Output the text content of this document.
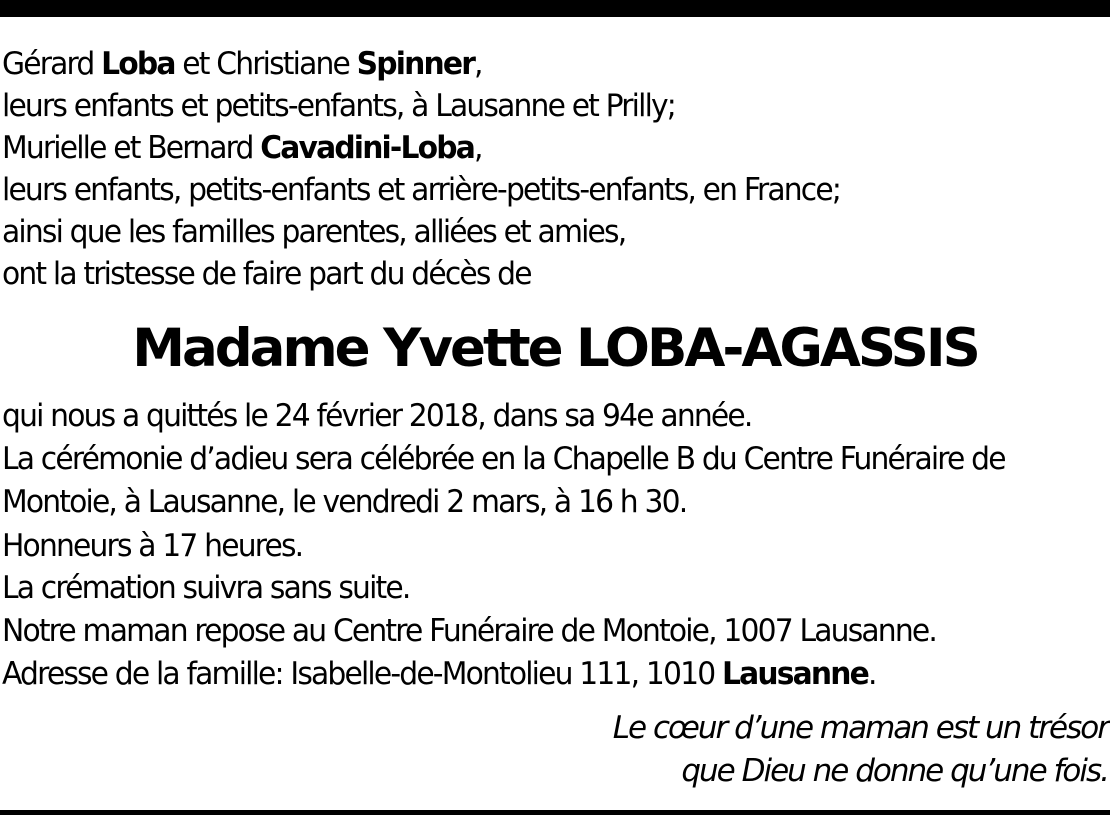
Gérard Loba et Christiane Spinner,
leurs enfants et petits-enfants, à Lausanne et Prilly;
Murielle et Bernard Cavadini-Loba,
leurs enfants, petits-enfants et arrière-petits-enfants, en France;
ainsi que les familles parentes, alliées et amies,
ont la tristesse de faire part du décès de
Madame Yvette LOBA-AGASSIS
qui nous a quittés le 24 février 2018, dans sa 94e année.
La cérémonie d’adieu sera célébrée en la Chapelle B du Centre Funéraire de
Montoie, à Lausanne, le vendredi 2 mars, à 16 h 30.
Honneurs à 17 heures.
La crémation suivra sans suite.
Notre maman repose au Centre Funéraire de Montoie, 1007 Lausanne.
Adresse de la famille: Isabelle-de-Montolieu 111, 1010 Lausanne.
Le cœur d’une maman est un trésor
que Dieu ne donne qu’une fois.
